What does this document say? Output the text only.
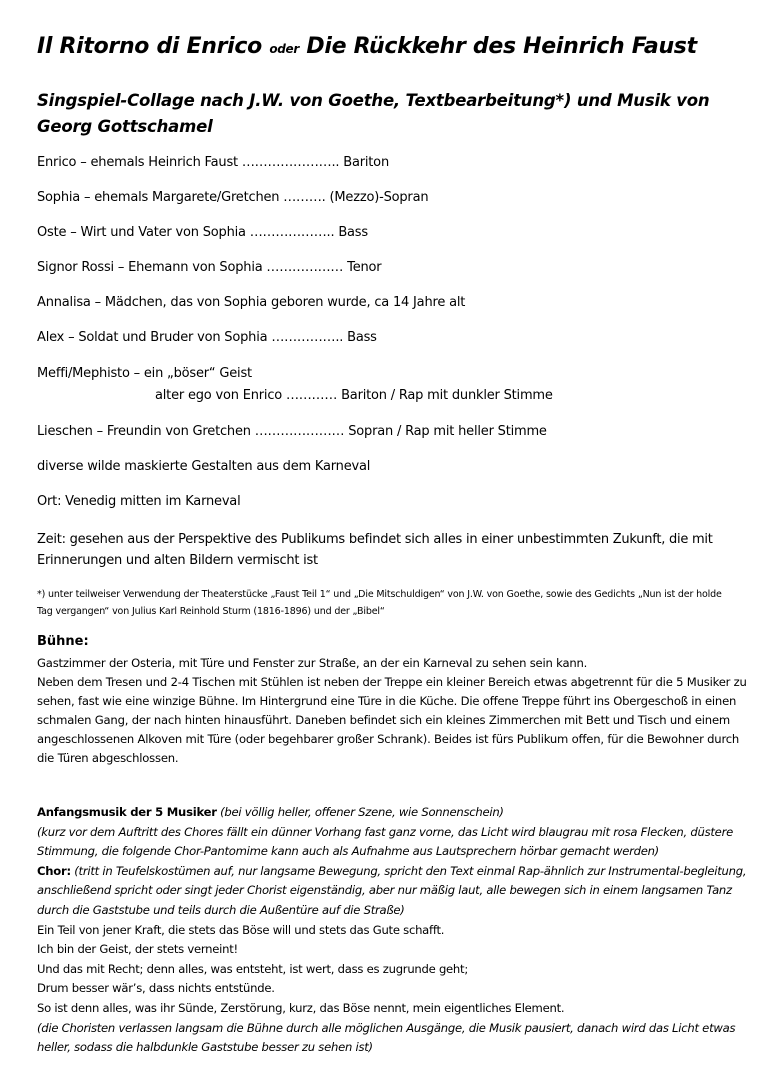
Il Ritorno di Enrico oder Die Rückkehr des Heinrich Faust
Singspiel-Collage nach J.W. von Goethe, Textbearbeitung*) und Musik von Georg Gottschamel
Enrico – ehemals Heinrich Faust ………………….. Bariton
Sophia – ehemals Margarete/Gretchen ………. (Mezzo)-Sopran
Oste – Wirt und Vater von Sophia ……………….. Bass
Signor Rossi – Ehemann von Sophia ……………… Tenor
Annalisa – Mädchen, das von Sophia geboren wurde, ca 14 Jahre alt
Alex – Soldat und Bruder von Sophia …………….. Bass
Meffi/Mephisto – ein „böser“ Geist
alter ego von Enrico ………… Bariton / Rap mit dunkler Stimme
Lieschen – Freundin von Gretchen ………………… Sopran / Rap mit heller Stimme
diverse wilde maskierte Gestalten aus dem Karneval
Ort: Venedig mitten im Karneval
Zeit: gesehen aus der Perspektive des Publikums befindet sich alles in einer unbestimmten Zukunft, die mit Erinnerungen und alten Bildern vermischt ist
*) unter teilweiser Verwendung der Theaterstücke „Faust Teil 1“ und „Die Mitschuldigen“ von J.W. von Goethe, sowie des Gedichts „Nun ist der holde Tag vergangen“ von Julius Karl Reinhold Sturm (1816-1896) und der „Bibel“
Bühne:
Gastzimmer der Osteria, mit Türe und Fenster zur Straße, an der ein Karneval zu sehen sein kann.
Neben dem Tresen und 2-4 Tischen mit Stühlen ist neben der Treppe ein kleiner Bereich etwas abgetrennt für die 5 Musiker zu sehen, fast wie eine winzige Bühne. Im Hintergrund eine Türe in die Küche. Die offene Treppe führt ins Obergeschoß in einen schmalen Gang, der nach hinten hinausführt. Daneben befindet sich ein kleines Zimmerchen mit Bett und Tisch und einem angeschlossenen Alkoven mit Türe (oder begehbarer großer Schrank). Beides ist fürs Publikum offen, für die Bewohner durch die Türen abgeschlossen.
Anfangsmusik der 5 Musiker (bei völlig heller, offener Szene, wie Sonnenschein)
(kurz vor dem Auftritt des Chores fällt ein dünner Vorhang fast ganz vorne, das Licht wird blaugrau mit rosa Flecken, düstere Stimmung, die folgende Chor-Pantomime kann auch als Aufnahme aus Lautsprechern hörbar gemacht werden)
Chor: (tritt in Teufelskostümen auf, nur langsame Bewegung, spricht den Text einmal Rap-ähnlich zur Instrumental-begleitung, anschließend spricht oder singt jeder Chorist eigenständig, aber nur mäßig laut, alle bewegen sich in einem langsamen Tanz durch die Gaststube und teils durch die Außentüre auf die Straße)
Ein Teil von jener Kraft, die stets das Böse will und stets das Gute schafft.
Ich bin der Geist, der stets verneint!
Und das mit Recht; denn alles, was entsteht, ist wert, dass es zugrunde geht;
Drum besser wär’s, dass nichts entstünde.
So ist denn alles, was ihr Sünde, Zerstörung, kurz, das Böse nennt, mein eigentliches Element.
(die Choristen verlassen langsam die Bühne durch alle möglichen Ausgänge, die Musik pausiert, danach wird das Licht etwas heller, sodass die halbdunkle Gaststube besser zu sehen ist)
